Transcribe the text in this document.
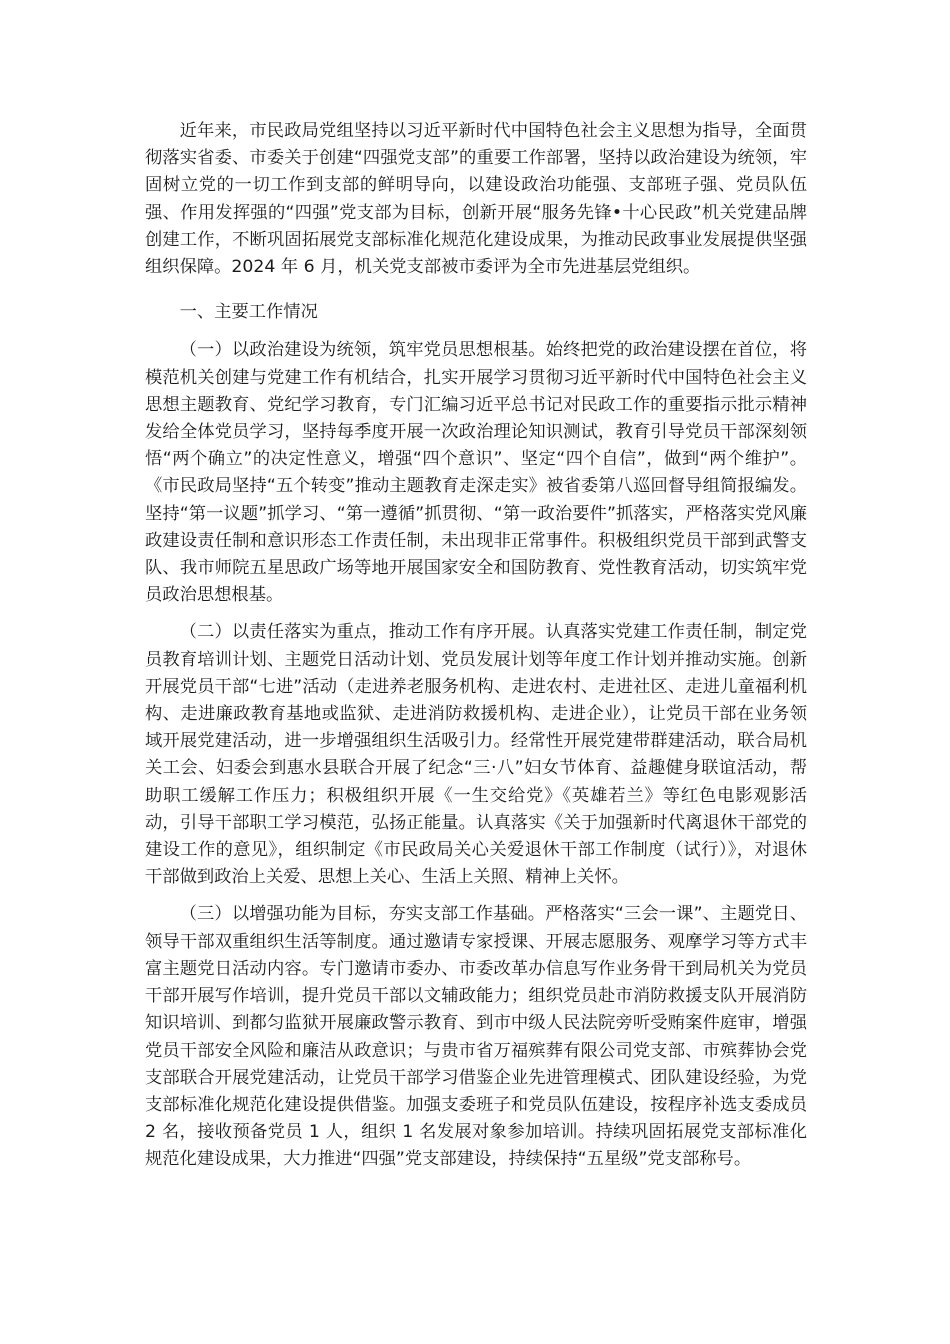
近年来，市民政局党组坚持以习近平新时代中国特色社会主义思想为指导，全面贯彻落实省委、市委关于创建“四强党支部”的重要工作部署，坚持以政治建设为统领，牢固树立党的一切工作到支部的鲜明导向，以建设政治功能强、支部班子强、党员队伍强、作用发挥强的“四强”党支部为目标，创新开展“服务先锋•十心民政”机关党建品牌创建工作，不断巩固拓展党支部标准化规范化建设成果，为推动民政事业发展提供坚强组织保障。2024 年 6 月，机关党支部被市委评为全市先进基层党组织。

一、主要工作情况

（一）以政治建设为统领，筑牢党员思想根基。始终把党的政治建设摆在首位，将模范机关创建与党建工作有机结合，扎实开展学习贯彻习近平新时代中国特色社会主义思想主题教育、党纪学习教育，专门汇编习近平总书记对民政工作的重要指示批示精神发给全体党员学习，坚持每季度开展一次政治理论知识测试，教育引导党员干部深刻领悟“两个确立”的决定性意义，增强“四个意识”、坚定“四个自信”，做到“两个维护”。《市民政局坚持“五个转变”推动主题教育走深走实》被省委第八巡回督导组简报编发。坚持“第一议题”抓学习、“第一遵循”抓贯彻、“第一政治要件”抓落实，严格落实党风廉政建设责任制和意识形态工作责任制，未出现非正常事件。积极组织党员干部到武警支队、我市师院五星思政广场等地开展国家安全和国防教育、党性教育活动，切实筑牢党员政治思想根基。

（二）以责任落实为重点，推动工作有序开展。认真落实党建工作责任制，制定党员教育培训计划、主题党日活动计划、党员发展计划等年度工作计划并推动实施。创新开展党员干部“七进”活动（走进养老服务机构、走进农村、走进社区、走进儿童福利机构、走进廉政教育基地或监狱、走进消防救援机构、走进企业），让党员干部在业务领域开展党建活动，进一步增强组织生活吸引力。经常性开展党建带群建活动，联合局机关工会、妇委会到惠水县联合开展了纪念“三·八”妇女节体育、益趣健身联谊活动，帮助职工缓解工作压力；积极组织开展《一生交给党》《英雄若兰》等红色电影观影活动，引导干部职工学习模范，弘扬正能量。认真落实《关于加强新时代离退休干部党的建设工作的意见》，组织制定《市民政局关心关爱退休干部工作制度（试行）》，对退休干部做到政治上关爱、思想上关心、生活上关照、精神上关怀。

（三）以增强功能为目标，夯实支部工作基础。严格落实“三会一课”、主题党日、领导干部双重组织生活等制度。通过邀请专家授课、开展志愿服务、观摩学习等方式丰富主题党日活动内容。专门邀请市委办、市委改革办信息写作业务骨干到局机关为党员干部开展写作培训，提升党员干部以文辅政能力；组织党员赴市消防救援支队开展消防知识培训、到都匀监狱开展廉政警示教育、到市中级人民法院旁听受贿案件庭审，增强党员干部安全风险和廉洁从政意识；与贵市省万福殡葬有限公司党支部、市殡葬协会党支部联合开展党建活动，让党员干部学习借鉴企业先进管理模式、团队建设经验，为党支部标准化规范化建设提供借鉴。加强支委班子和党员队伍建设，按程序补选支委成员 2 名，接收预备党员 1 人，组织 1 名发展对象参加培训。持续巩固拓展党支部标准化规范化建设成果，大力推进“四强”党支部建设，持续保持“五星级”党支部称号。
